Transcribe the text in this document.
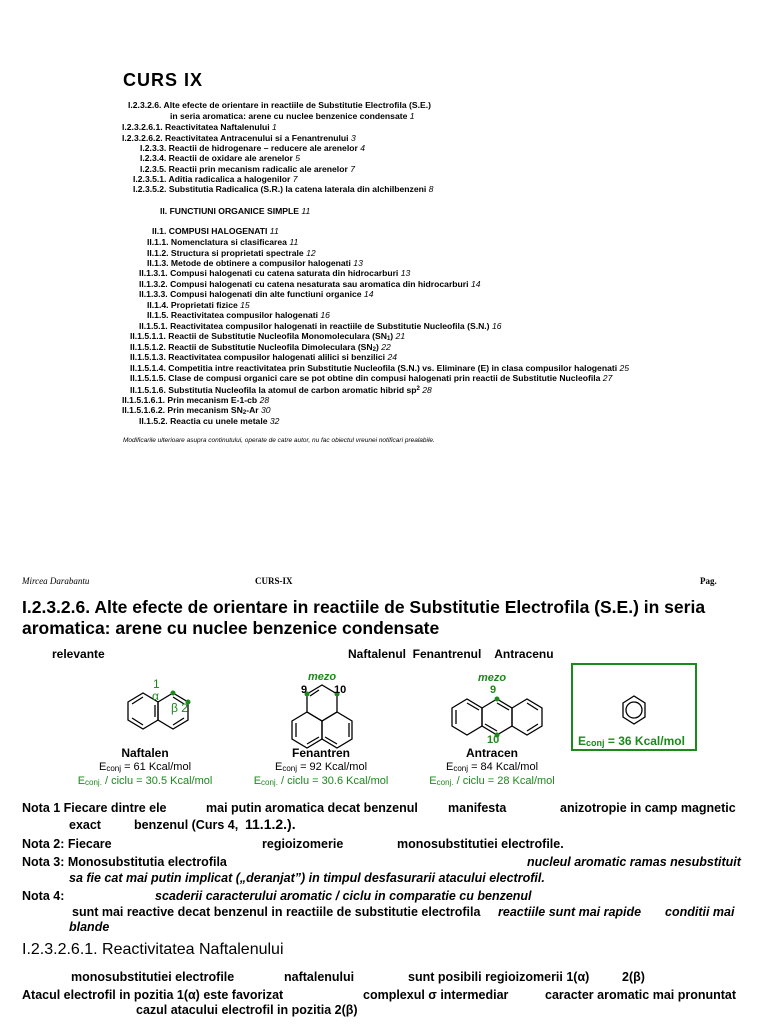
CURS IX
I.2.3.2.6. Alte efecte de orientare in reactiile de Substitutie Electrofila (S.E.)
in seria aromatica: arene cu nuclee benzenice condensate 1
I.2.3.2.6.1. Reactivitatea Naftalenului 1
I.2.3.2.6.2. Reactivitatea Antracenului si a Fenantrenului 3
I.2.3.3. Reactii de hidrogenare – reducere ale arenelor 4
I.2.3.4. Reactii de oxidare ale arenelor 5
I.2.3.5. Reactii prin mecanism radicalic ale arenelor 7
I.2.3.5.1. Aditia radicalica a halogenilor 7
I.2.3.5.2. Substitutia Radicalica (S.R.) la catena laterala din alchilbenzeni 8
II. FUNCTIUNI ORGANICE SIMPLE 11
II.1. COMPUSI HALOGENATI 11
II.1.1. Nomenclatura si clasificarea 11
II.1.2. Structura si proprietati spectrale 12
II.1.3. Metode de obtinere a compusilor halogenati 13
II.1.3.1. Compusi halogenati cu catena saturata din hidrocarburi 13
II.1.3.2. Compusi halogenati cu catena nesaturata sau aromatica din hidrocarburi 14
II.1.3.3. Compusi halogenati din alte functiuni organice 14
II.1.4. Proprietati fizice 15
II.1.5. Reactivitatea compusilor halogenati 16
II.1.5.1. Reactivitatea compusilor halogenati in reactiile de Substitutie Nucleofila (S.N.) 16
II.1.5.1.1. Reactii de Substitutie Nucleofila Monomoleculara (SN1) 21
II.1.5.1.2. Reactii de Substitutie Nucleofila Dimoleculara (SN2) 22
II.1.5.1.3. Reactivitatea compusilor halogenati alilici si benzilici 24
II.1.5.1.4. Competitia intre reactivitatea prin Substitutie Nucleofila (S.N.) vs. Eliminare (E) in clasa compusilor halogenati 25
II.1.5.1.5. Clase de compusi organici care se pot obtine din compusi halogenati prin reactii de Substitutie Nucleofila 27
II.1.5.1.6. Substitutia Nucleofila la atomul de carbon aromatic hibrid $sp^2$ 28
II.1.5.1.6.1. Prin mecanism E-1-cb 28
II.1.5.1.6.2. Prin mecanism SN2-Ar 30
II.1.5.2. Reactia cu unele metale 32
Modificarile ulterioare asupra continutului, operate de catre autor, nu fac obiectul vreunei notificari prealabile.
Mircea Darabantu	CURS-IX	Pag.
I.2.3.2.6. Alte efecte de orientare in reactiile de Substitutie Electrofila (S.E.) in seria aromatica: arene cu nuclee benzenice condensate
relevante	Naftalenul  Fenantrenul    Antracenu
1
α
β 2
mezo
9 10
mezo
9
10	Econj = 36 Kcal/mol
Naftalen	Fenantren	Antracen
Econj = 61 Kcal/mol	Econj = 92 Kcal/mol	Econj = 84 Kcal/mol
Econj. / ciclu = 30.5 Kcal/mol	Econj. / ciclu = 30.6 Kcal/mol	Econj. / ciclu = 28 Kcal/mol
Nota 1 Fiecare dintre ele	mai putin aromatica decat benzenul manifesta	anizotropie in camp magnetic
exact	benzenul (Curs 4, 11.1.2.).
Nota 2: Fiecare	regioizomerie	monosubstitutiei electrofile.
Nota 3: Monosubstitutia electrofila	nucleul aromatic ramas nesubstituit
sa fie cat mai putin implicat („deranjat”) in timpul desfasurarii atacului electrofil.
Nota 4:	scaderii caracterului aromatic / ciclu in comparatie cu benzenul
sunt mai reactive decat benzenul in reactiile de substitutie electrofila reactiile sunt mai rapide conditii mai
blande
I.2.3.2.6.1. Reactivitatea Naftalenului
monosubstitutiei electrofile	naftalenului	sunt posibili regioizomerii 1(α)	2(β)
Atacul electrofil in pozitia 1(α) este favorizat	complexul σ intermediar	caracter aromatic mai pronuntat
cazul atacului electrofil in pozitia 2(β)
